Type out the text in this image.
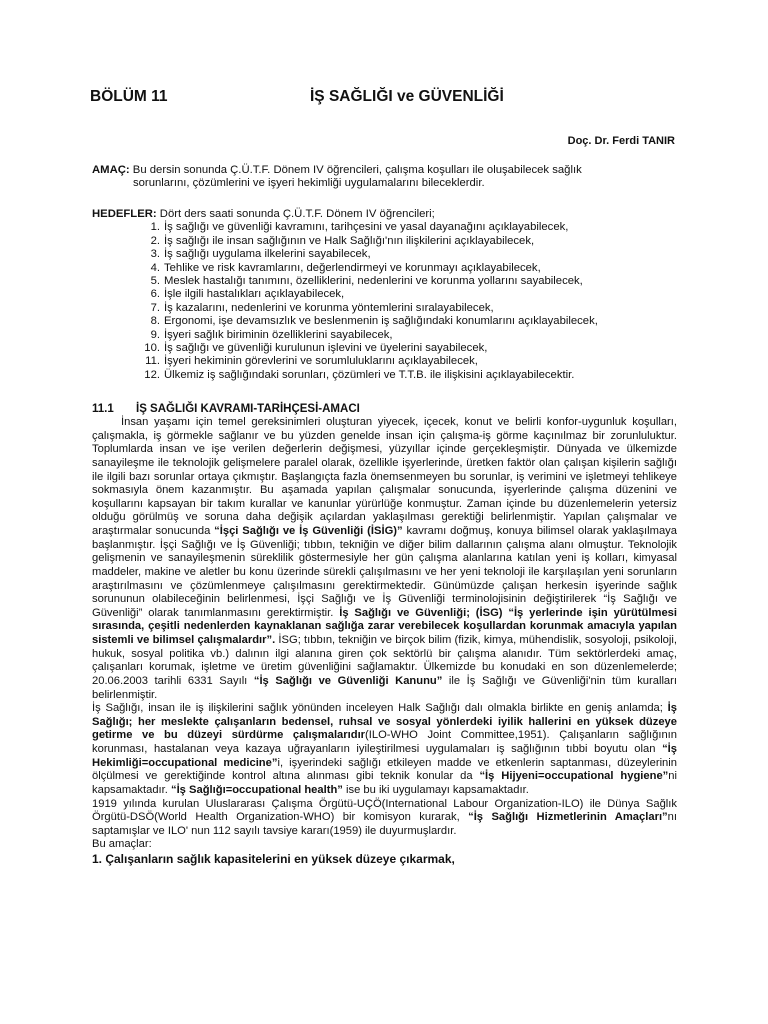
BÖLÜM 11	İŞ SAĞLIĞI ve GÜVENLİĞİ
Doç. Dr. Ferdi TANIR
AMAÇ: Bu dersin sonunda Ç.Ü.T.F. Dönem IV öğrencileri, çalışma koşulları ile oluşabilecek sağlık
sorunlarını, çözümlerini ve işyeri hekimliği uygulamalarını bileceklerdir.
HEDEFLER: Dört ders saati sonunda Ç.Ü.T.F. Dönem IV öğrencileri;
1. İş sağlığı ve güvenliği kavramını, tarihçesini ve yasal dayanağını açıklayabilecek,
2. İş sağlığı ile insan sağlığının ve Halk Sağlığı'nın ilişkilerini açıklayabilecek,
3. İş sağlığı uygulama ilkelerini sayabilecek,
4. Tehlike ve risk kavramlarını, değerlendirmeyi ve korunmayı açıklayabilecek,
5. Meslek hastalığı tanımını, özelliklerini, nedenlerini ve korunma yollarını sayabilecek,
6. İşle ilgili hastalıkları açıklayabilecek,
7. İş kazalarını, nedenlerini ve korunma yöntemlerini sıralayabilecek,
8. Ergonomi, işe devamsızlık ve beslenmenin iş sağlığındaki konumlarını açıklayabilecek,
9. İşyeri sağlık biriminin özelliklerini sayabilecek,
10. İş sağlığı ve güvenliği kurulunun işlevini ve üyelerini sayabilecek,
11. İşyeri hekiminin görevlerini ve sorumluluklarını açıklayabilecek,
12. Ülkemiz iş sağlığındaki sorunları, çözümleri ve T.T.B. ile ilişkisini açıklayabilecektir.
11.1 İŞ SAĞLIĞI KAVRAMI-TARİHÇESİ-AMACI

İnsan yaşamı için temel gereksinimleri oluşturan yiyecek, içecek, konut ve belirli konfor-uygunluk koşulları, çalışmakla, iş görmekle sağlanır ve bu yüzden genelde insan için çalışma-iş görme kaçınılmaz bir zorunluluktur. Toplumlarda insan ve işe verilen değerlerin değişmesi, yüzyıllar içinde gerçekleşmiştir. Dünyada ve ülkemizde sanayileşme ile teknolojik gelişmelere paralel olarak, özellikle işyerlerinde, üretken faktör olan çalışan kişilerin sağlığı ile ilgili bazı sorunlar ortaya çıkmıştır. Başlangıçta fazla önemsenmeyen bu sorunlar, iş verimini ve işletmeyi tehlikeye sokmasıyla önem kazanmıştır. Bu aşamada yapılan çalışmalar sonucunda, işyerlerinde çalışma düzenini ve koşullarını kapsayan bir takım kurallar ve kanunlar yürürlüğe konmuştur. Zaman içinde bu düzenlemelerin yetersiz olduğu görülmüş ve soruna daha değişik açılardan yaklaşılması gerektiği belirlenmiştir. Yapılan çalışmalar ve araştırmalar sonucunda “İşçi Sağlığı ve İş Güvenliği (İSİG)” kavramı doğmuş, konuya bilimsel olarak yaklaşılmaya başlanmıştır. İşçi Sağlığı ve İş Güvenliği; tıbbın, tekniğin ve diğer bilim dallarının çalışma alanı olmuştur. Teknolojik gelişmenin ve sanayileşmenin süreklilik göstermesiyle her gün çalışma alanlarına katılan yeni iş kolları, kimyasal maddeler, makine ve aletler bu konu üzerinde sürekli çalışılmasını ve her yeni teknoloji ile karşılaşılan yeni sorunların araştırılmasını ve çözümlenmeye çalışılmasını gerektirmektedir. Günümüzde çalışan herkesin işyerinde sağlık sorununun olabileceğinin belirlenmesi, İşçi Sağlığı ve İş Güvenliği terminolojisinin değiştirilerek “İş Sağlığı ve Güvenliği” olarak tanımlanmasını gerektirmiştir. İş Sağlığı ve Güvenliği; (İSG) “İş yerlerinde işin yürütülmesi sırasında, çeşitli nedenlerden kaynaklanan sağlığa zarar verebilecek koşullardan korunmak amacıyla yapılan sistemli ve bilimsel çalışmalardır”. İSG; tıbbın, tekniğin ve birçok bilim (fizik, kimya, mühendislik, sosyoloji, psikoloji, hukuk, sosyal politika vb.) dalının ilgi alanına giren çok sektörlü bir çalışma alanıdır. Tüm sektörlerdeki amaç, çalışanları korumak, işletme ve üretim güvenliğini sağlamaktır. Ülkemizde bu konudaki en son düzenlemelerde; 20.06.2003 tarihli 6331 Sayılı “İş Sağlığı ve Güvenliği Kanunu” ile İş Sağlığı ve Güvenliği'nin tüm kuralları belirlenmiştir.

İş Sağlığı, insan ile iş ilişkilerini sağlık yönünden inceleyen Halk Sağlığı dalı olmakla birlikte en geniş anlamda; İş Sağlığı; her meslekte çalışanların bedensel, ruhsal ve sosyal yönlerdeki iyilik hallerini en yüksek düzeye getirme ve bu düzeyi sürdürme çalışmalarıdır(ILO-WHO Joint Committee,1951). Çalışanların sağlığının korunması, hastalanan veya kazaya uğrayanların iyileştirilmesi uygulamaları iş sağlığının tıbbi boyutu olan “İş Hekimliği=occupational medicine”i, işyerindeki sağlığı etkileyen madde ve etkenlerin saptanması, düzeylerinin ölçülmesi ve gerektiğinde kontrol altına alınması gibi teknik konular da “İş Hijyeni=occupational hygiene”ni kapsamaktadır. “İş Sağlığı=occupational health” ise bu iki uygulamayı kapsamaktadır.

1919 yılında kurulan Uluslararası Çalışma Örgütü-UÇÖ(International Labour Organization-ILO) ile Dünya Sağlık Örgütü-DSÖ(World Health Organization-WHO) bir komisyon kurarak, “İş Sağlığı Hizmetlerinin Amaçları”nı saptamışlar ve ILO' nun 112 sayılı tavsiye kararı(1959) ile duyurmuşlardır.

Bu amaçlar:

1. Çalışanların sağlık kapasitelerini en yüksek düzeye çıkarmak,
